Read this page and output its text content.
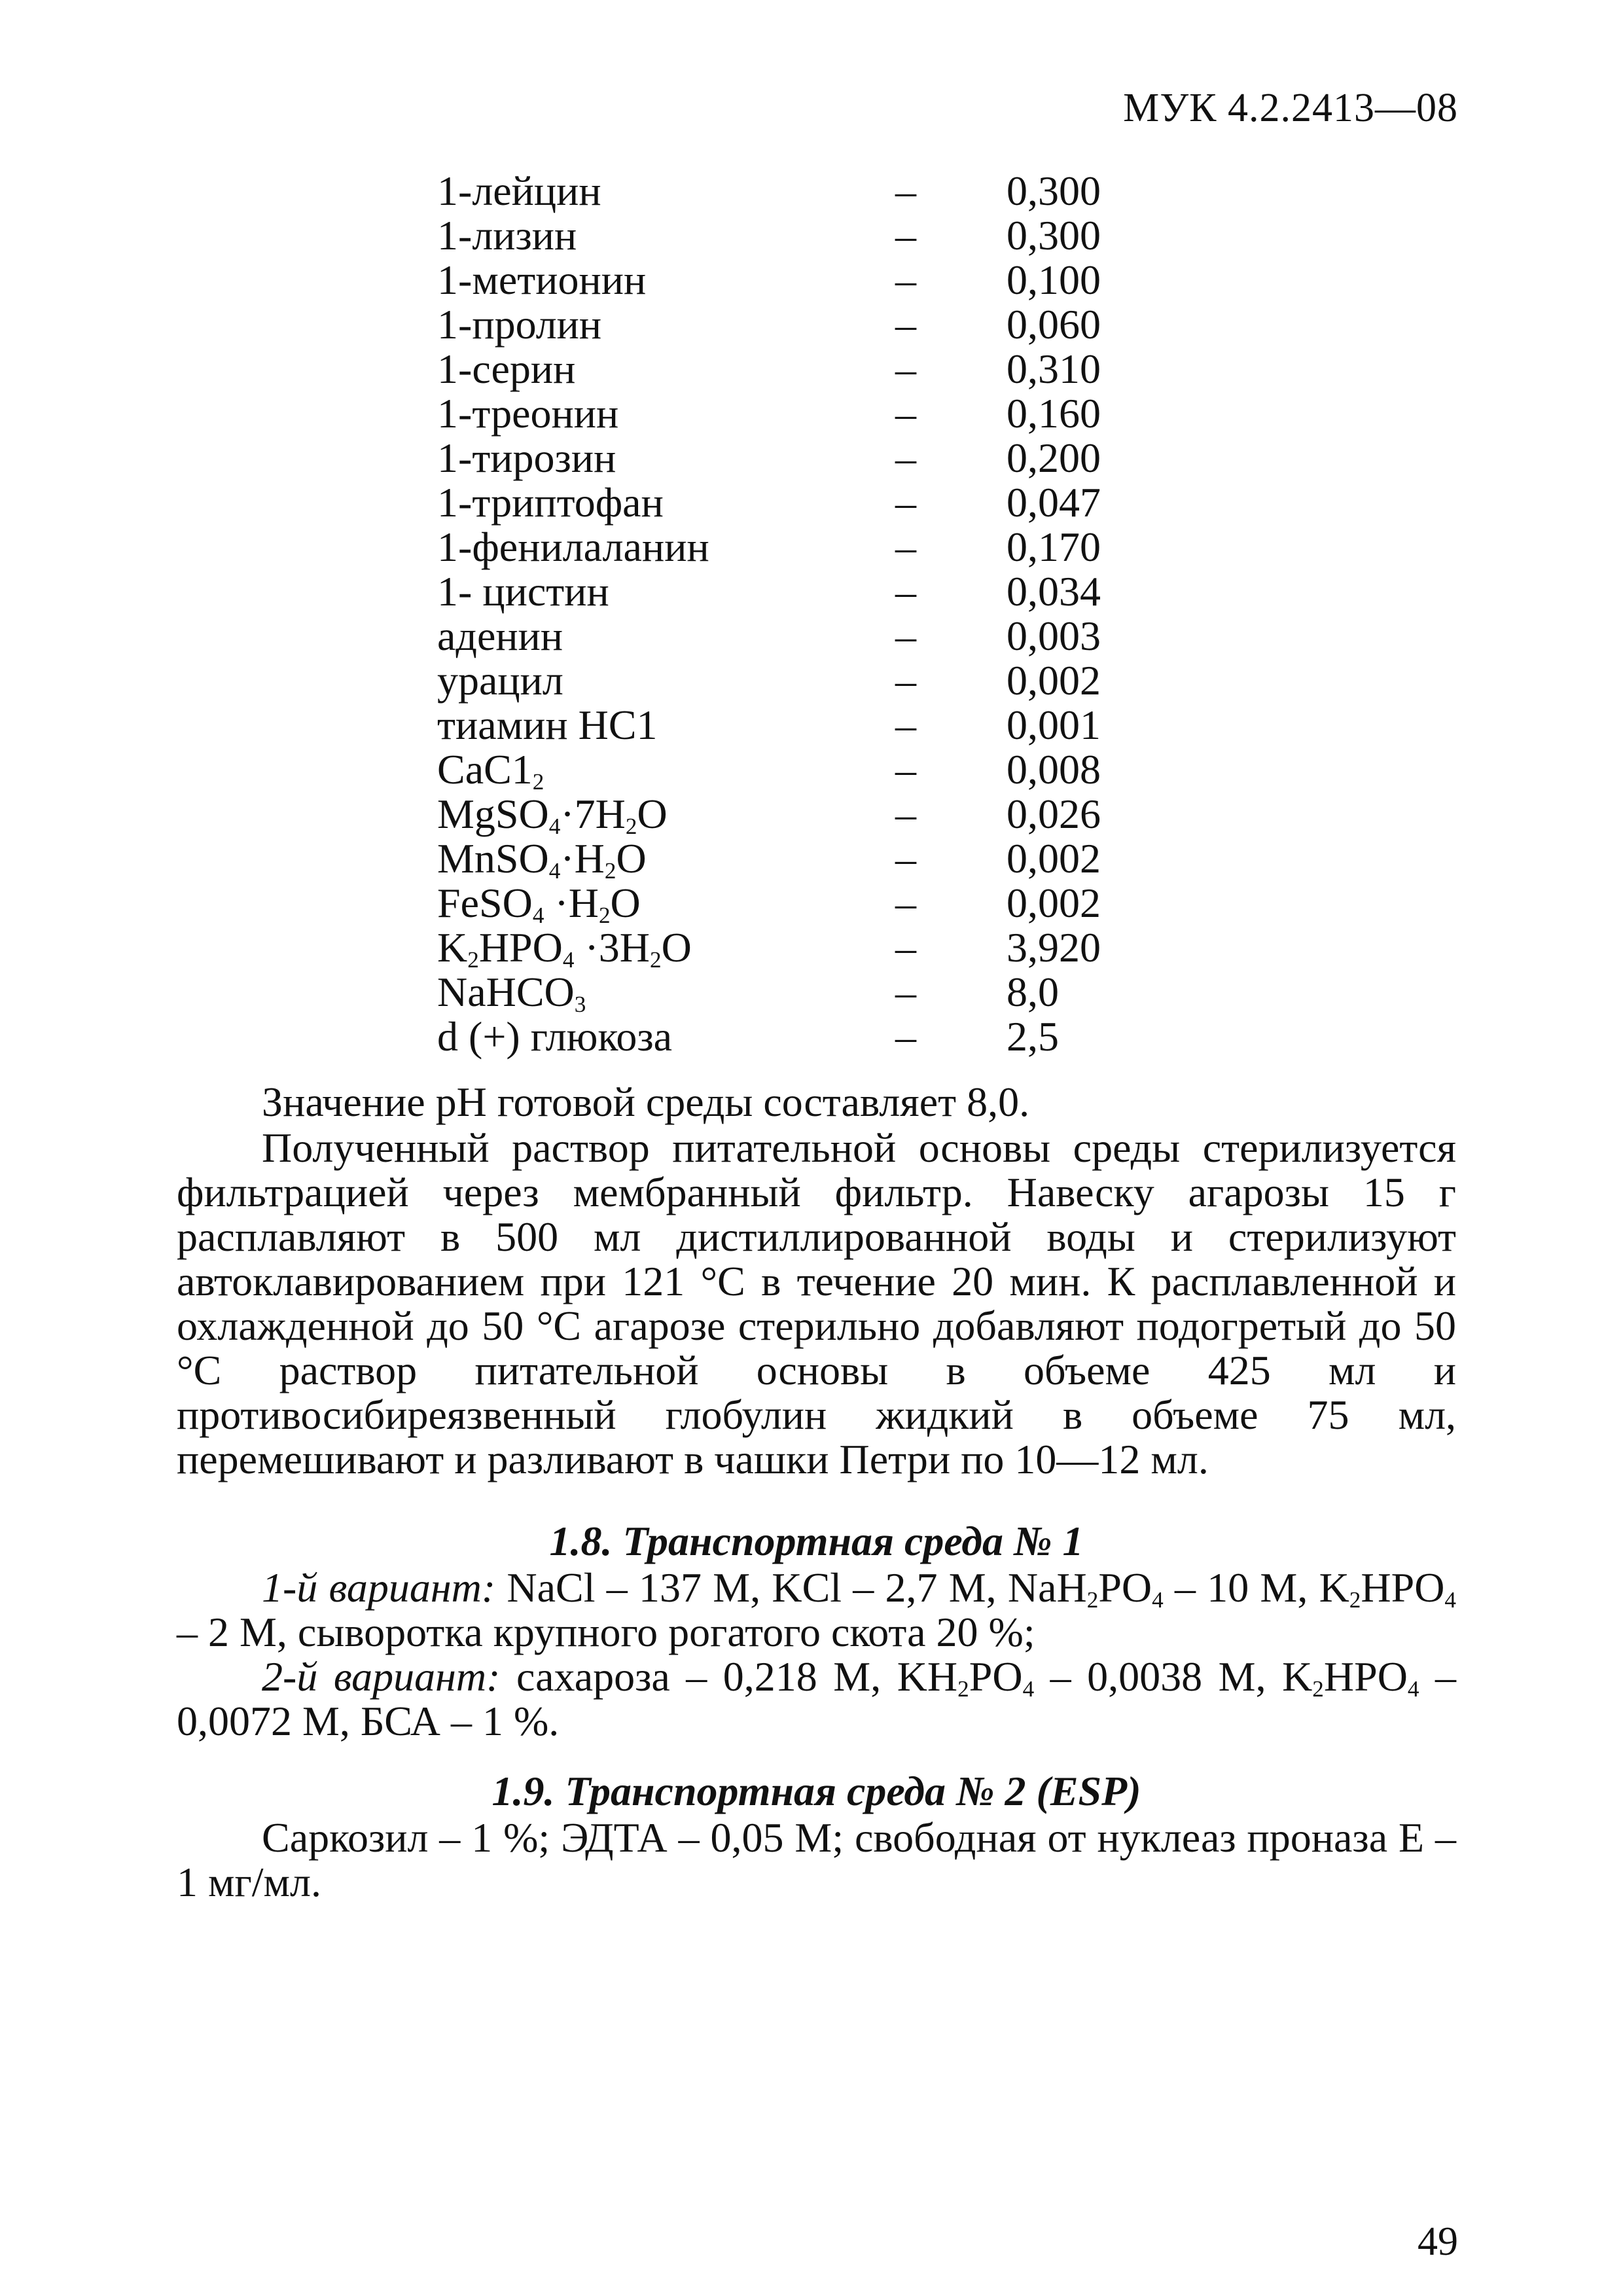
МУК 4.2.2413—08
1-лейцин	–	0,300
1-лизин	–	0,300
1-метионин	–	0,100
1-пролин	–	0,060
1-серин	–	0,310
1-треонин	–	0,160
1-тирозин	–	0,200
1-триптофан	–	0,047
1-фенилаланин	–	0,170
1- цистин	–	0,034
аденин	–	0,003
урацил	–	0,002
тиамин НС1	–	0,001
$CaC1_2$	–	0,008
$MgSO_4\cdot 7H_2O$	–	0,026
$MnSO_4\cdot H_2O$	–	0,002
FeSO$_4$ $\cdot H_2O$	–	0,002
$K_2HPO_4 \cdot 3H_2O$	–	3,920
NaHCO$_3$	–	8,0
d (+) глюкоза	–	2,5

Значение рН готовой среды составляет 8,0.

Полученный раствор питательной основы среды стерилизуется фильтрацией через мембранный фильтр. Навеску агарозы 15 г расплавляют в 500 мл дистиллированной воды и стерилизуют автоклавированием при 121 °С в течение 20 мин. К расплавленной и охлажденной до 50 °С агарозе стерильно добавляют подогретый до 50 °С раствор питательной основы в объеме 425 мл и противосибиреязвенный глобулин жидкий в объеме 75 мл, перемешивают и разливают в чашки Петри по 10—12 мл.

1.8. Транспортная среда № 1

1-й вариант: NaCl – 137 M, KCl – 2,7 M, $NaH_2PO_4 - 10$ M, $K_2HPO_4 - 2$ M, сыворотка крупного рогатого скота 20 %;

2-й вариант: сахароза – 0,218 М, $KH_2PO_4 - 0,0038$ M, $K_2HPO_4 - 0,0072$ M, БСА – 1 %.

1.9. Транспортная среда № 2 (ESP)

Саркозил – 1 %; ЭДТА – 0,05 М; свободная от нуклеаз проназа Е – 1 мг/мл.

49
